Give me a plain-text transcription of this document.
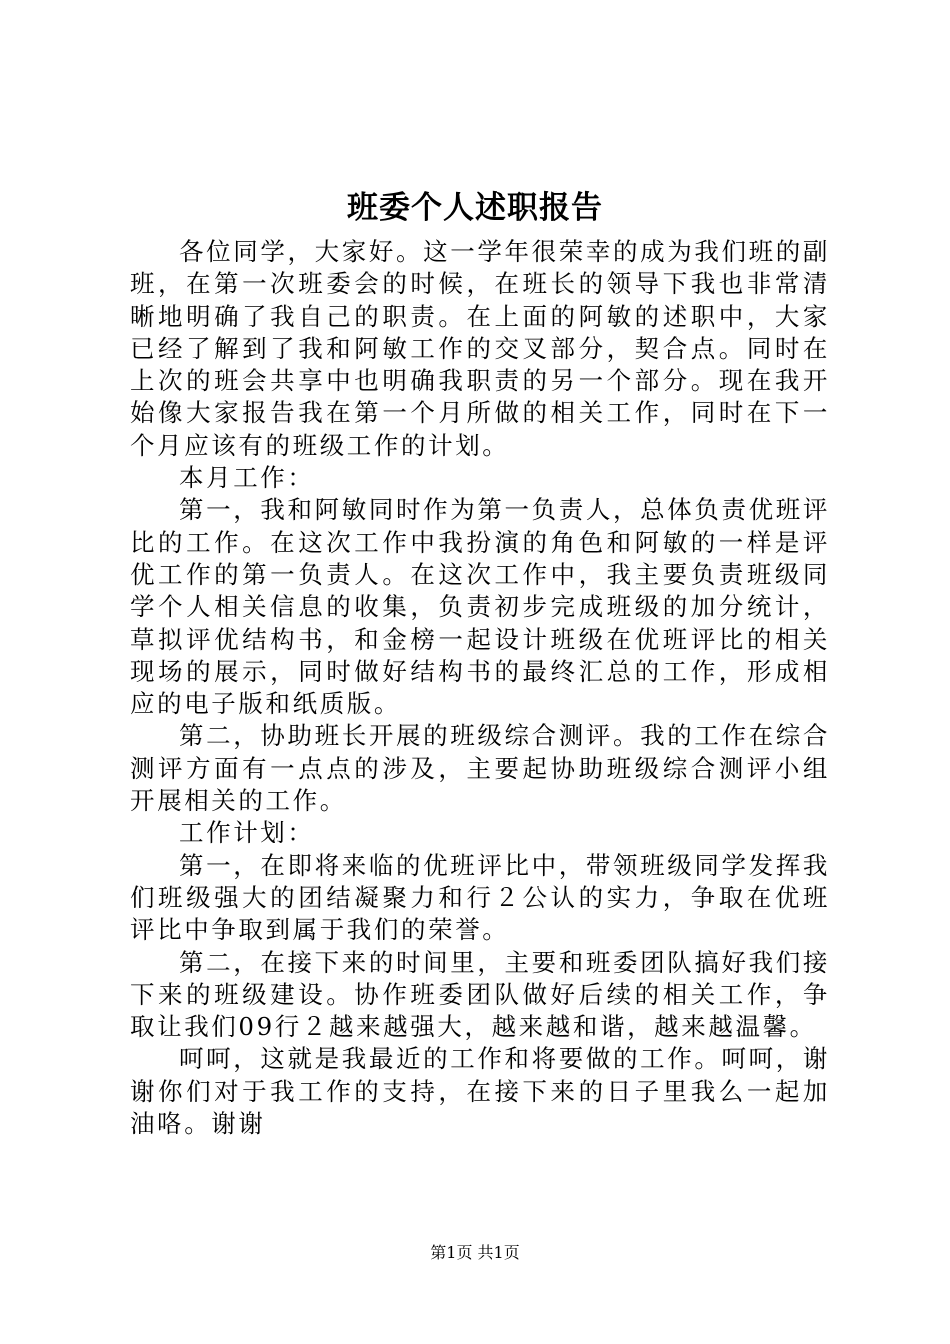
班委个人述职报告

各位同学，大家好。这一学年很荣幸的成为我们班的副班，在第一次班委会的时候，在班长的领导下我也非常清晰地明确了我自己的职责。在上面的阿敏的述职中，大家已经了解到了我和阿敏工作的交叉部分，契合点。同时在上次的班会共享中也明确我职责的另一个部分。现在我开始像大家报告我在第一个月所做的相关工作，同时在下一个月应该有的班级工作的计划。

本月工作：

第一，我和阿敏同时作为第一负责人，总体负责优班评比的工作。在这次工作中我扮演的角色和阿敏的一样是评优工作的第一负责人。在这次工作中，我主要负责班级同学个人相关信息的收集，负责初步完成班级的加分统计，草拟评优结构书，和金榜一起设计班级在优班评比的相关现场的展示，同时做好结构书的最终汇总的工作，形成相应的电子版和纸质版。

第二，协助班长开展的班级综合测评。我的工作在综合测评方面有一点点的涉及，主要起协助班级综合测评小组开展相关的工作。

工作计划：

第一，在即将来临的优班评比中，带领班级同学发挥我们班级强大的团结凝聚力和行２公认的实力，争取在优班评比中争取到属于我们的荣誉。

第二，在接下来的时间里，主要和班委团队搞好我们接下来的班级建设。协作班委团队做好后续的相关工作，争取让我们09行２越来越强大，越来越和谐，越来越温馨。

呵呵，这就是我最近的工作和将要做的工作。呵呵，谢谢你们对于我工作的支持，在接下来的日子里我么一起加油咯。谢谢

第1页 共1页
